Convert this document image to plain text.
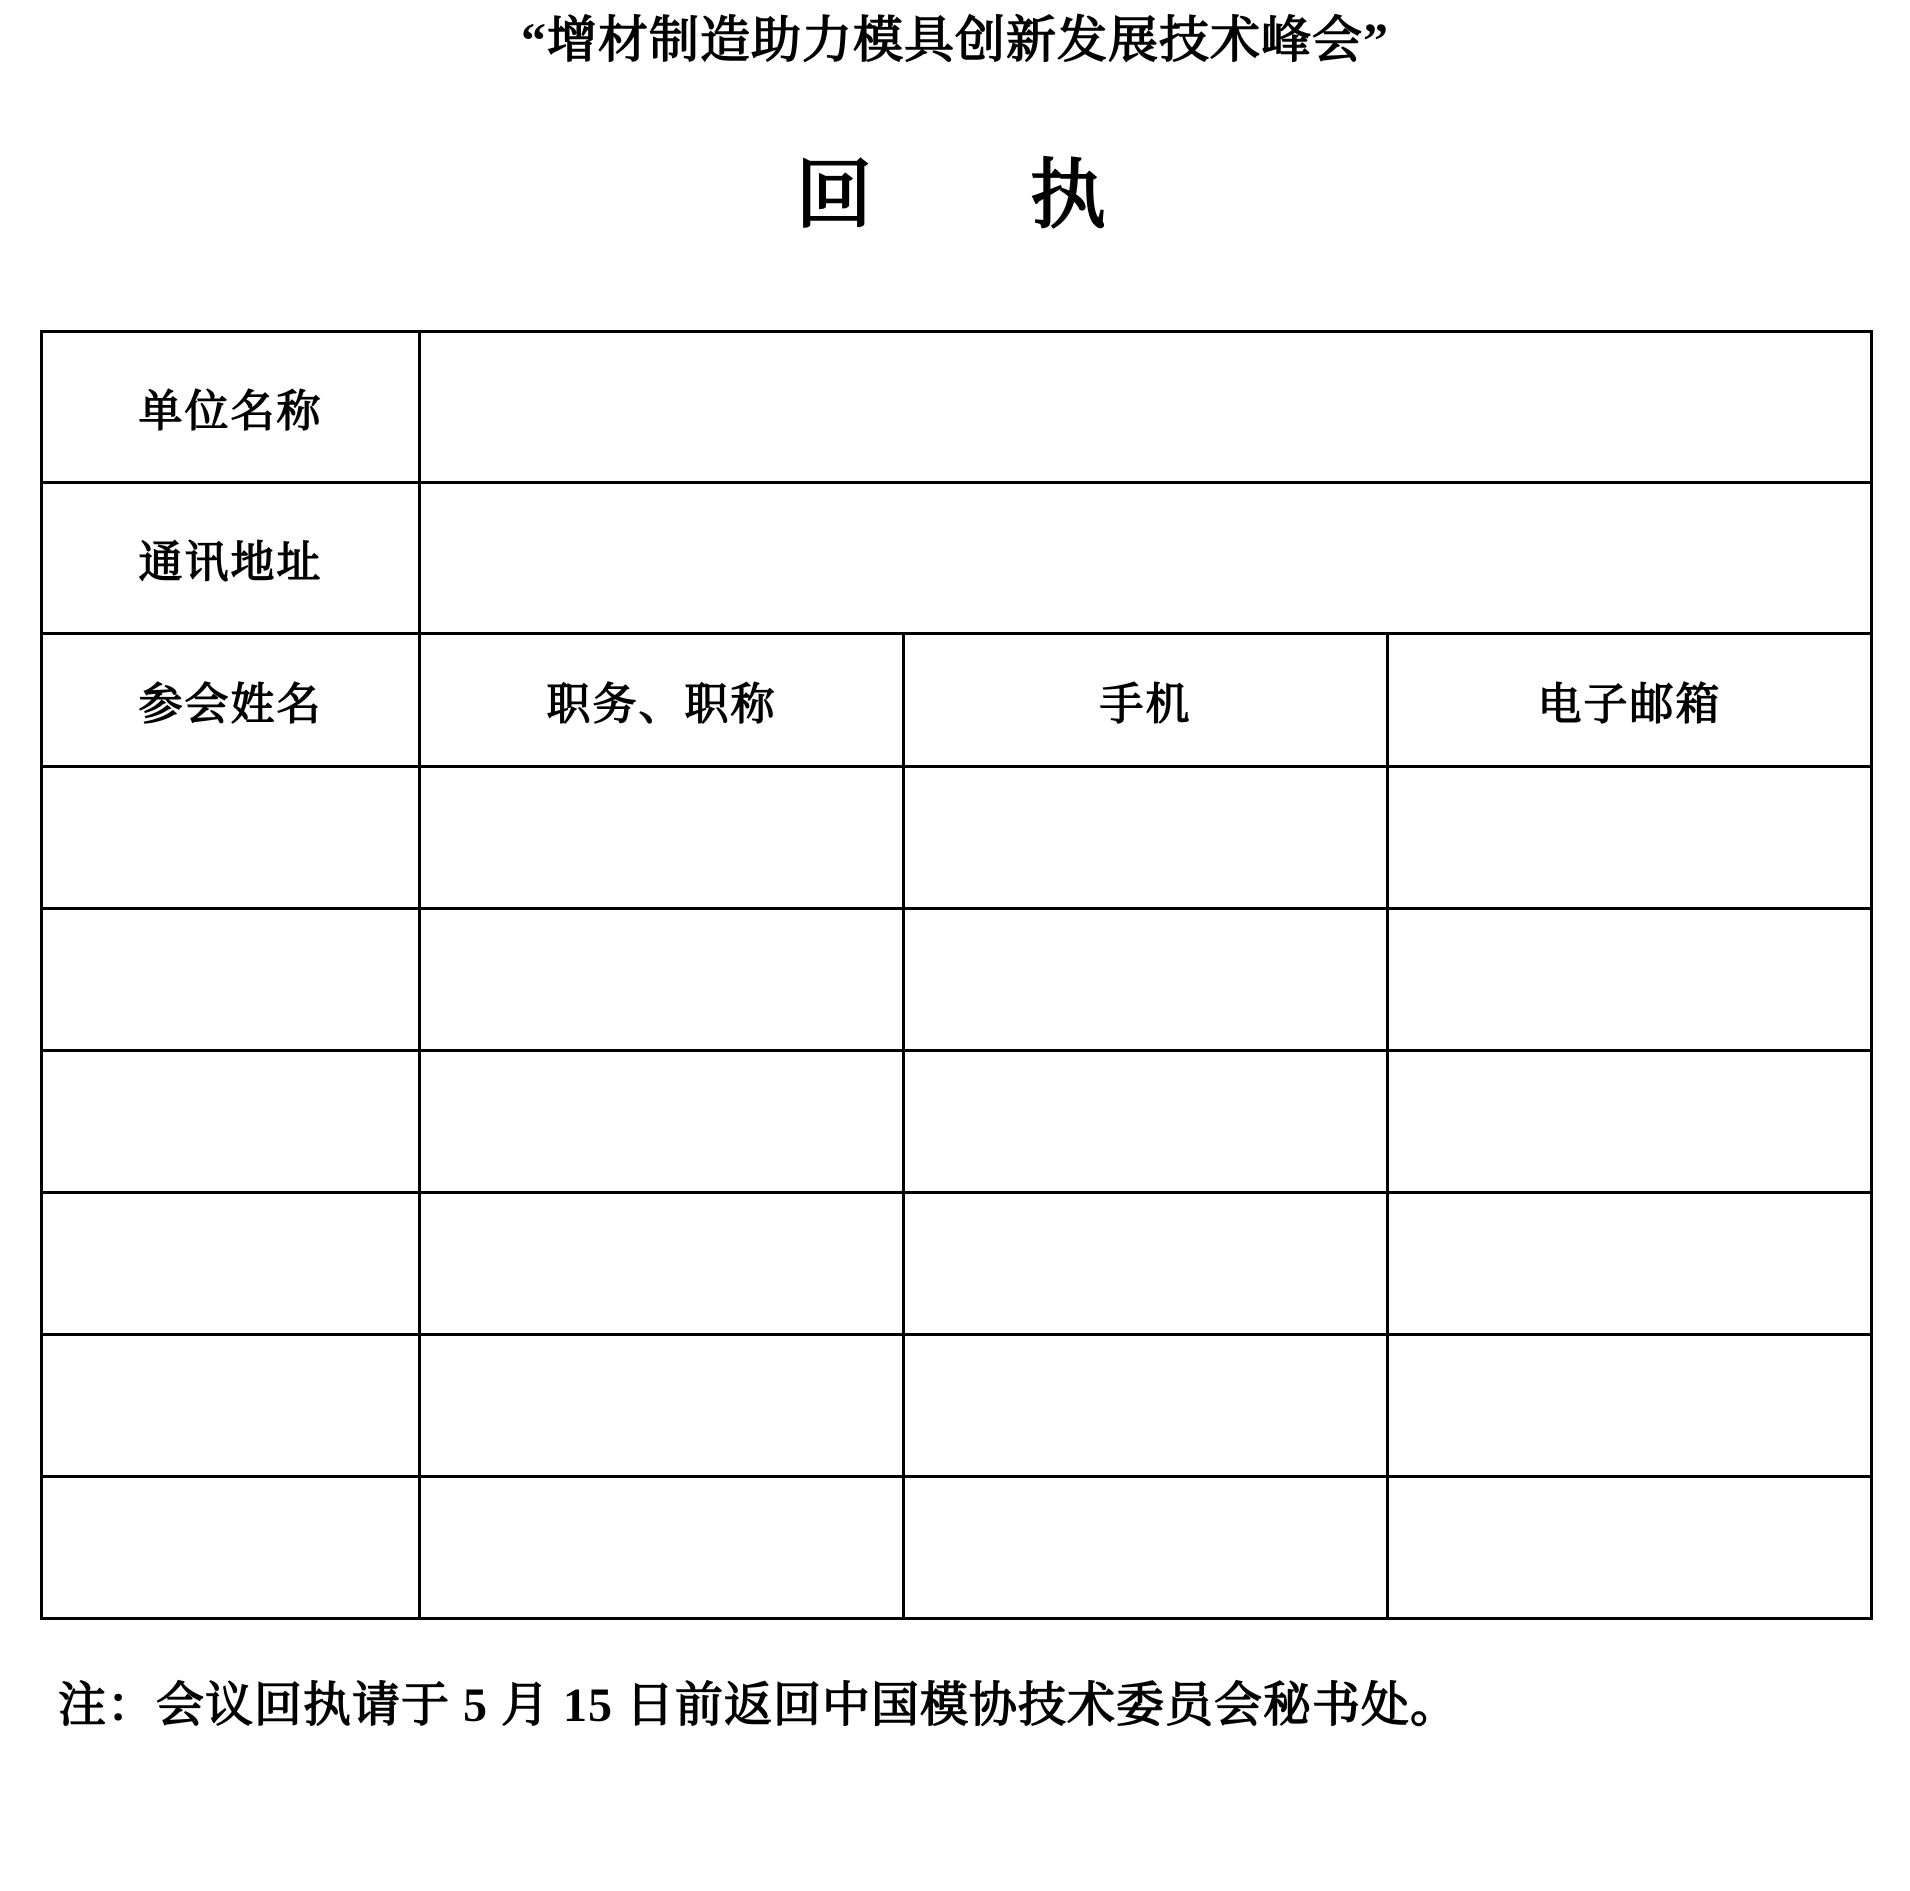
“增材制造助力模具创新发展技术峰会”
回 执
单位名称			
通讯地址			
参会姓名	职务、职称	手机	电子邮箱

注：会议回执请于 5 月 15 日前返回中国模协技术委员会秘书处。
